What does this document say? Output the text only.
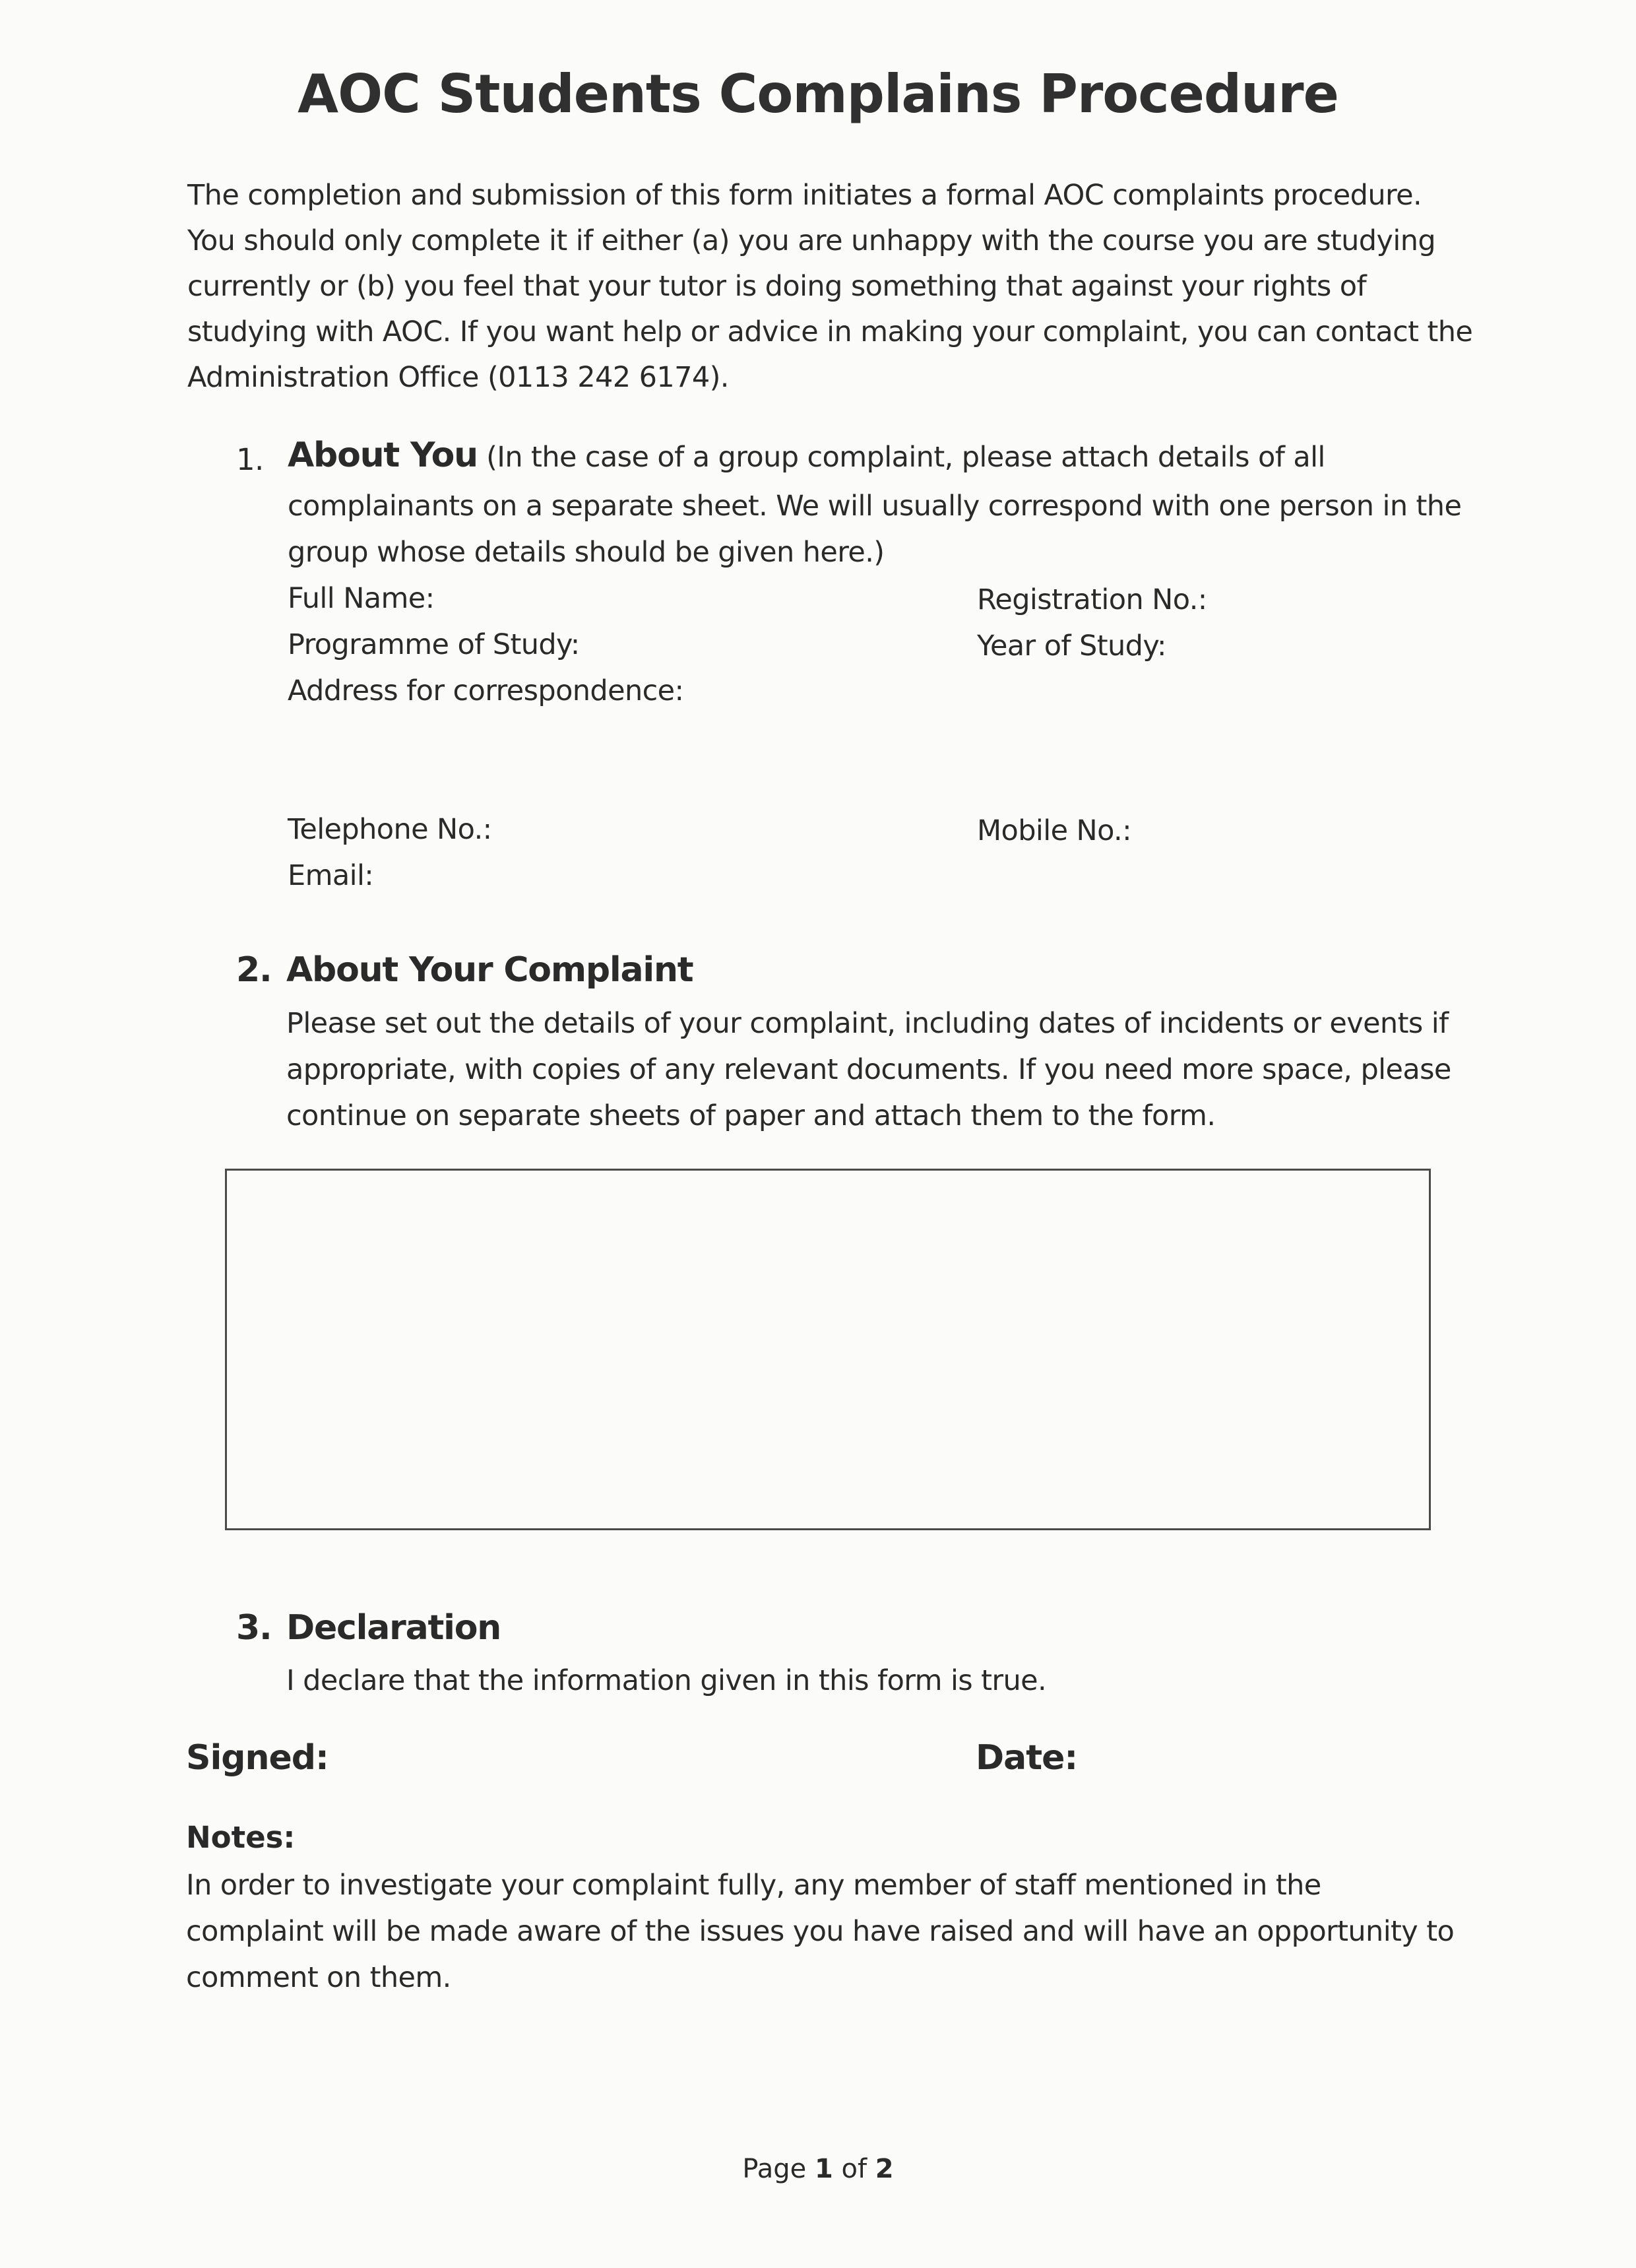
AOC Students Complains Procedure
The completion and submission of this form initiates a formal AOC complaints procedure.
You should only complete it if either (a) you are unhappy with the course you are studying
currently or (b) you feel that your tutor is doing something that against your rights of
studying with AOC. If you want help or advice in making your complaint, you can contact the
Administration Office (0113 242 6174).
1. About You (In the case of a group complaint, please attach details of all
complainants on a separate sheet. We will usually correspond with one person in the
group whose details should be given here.)
Full Name:	Registration No.:
Programme of Study:	Year of Study:
Address for correspondence:
Telephone No.:	Mobile No.:
Email:
2. About Your Complaint
Please set out the details of your complaint, including dates of incidents or events if
appropriate, with copies of any relevant documents. If you need more space, please
continue on separate sheets of paper and attach them to the form.
3. Declaration
I declare that the information given in this form is true.
Signed:	Date:
Notes:
In order to investigate your complaint fully, any member of staff mentioned in the
complaint will be made aware of the issues you have raised and will have an opportunity to
comment on them.
Page 1 of 2
